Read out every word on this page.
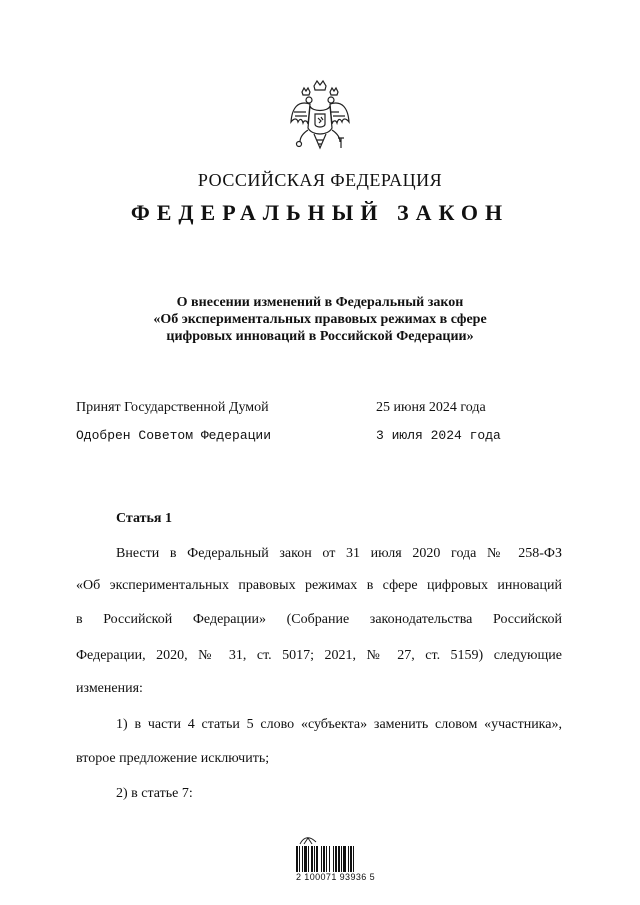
РОССИЙСКАЯ ФЕДЕРАЦИЯ
ФЕДЕРАЛЬНЫЙ ЗАКОН
О внесении изменений в Федеральный закон
«Об экспериментальных правовых режимах в сфере
цифровых инноваций в Российской Федерации»
Принят Государственной Думой	25 июня 2024 года
Одобрен Советом Федерации	3 июля 2024 года
Статья 1
Внести в Федеральный закон от 31 июля 2020 года № 258-ФЗ
«Об экспериментальных правовых режимах в сфере цифровых инноваций
в Российской Федерации» (Собрание законодательства Российской
Федерации, 2020, № 31, ст. 5017; 2021, № 27, ст. 5159) следующие
изменения:
1) в части 4 статьи 5 слово «субъекта» заменить словом «участника»,
второе предложение исключить;
2) в статье 7:
2 100071 93936 5
